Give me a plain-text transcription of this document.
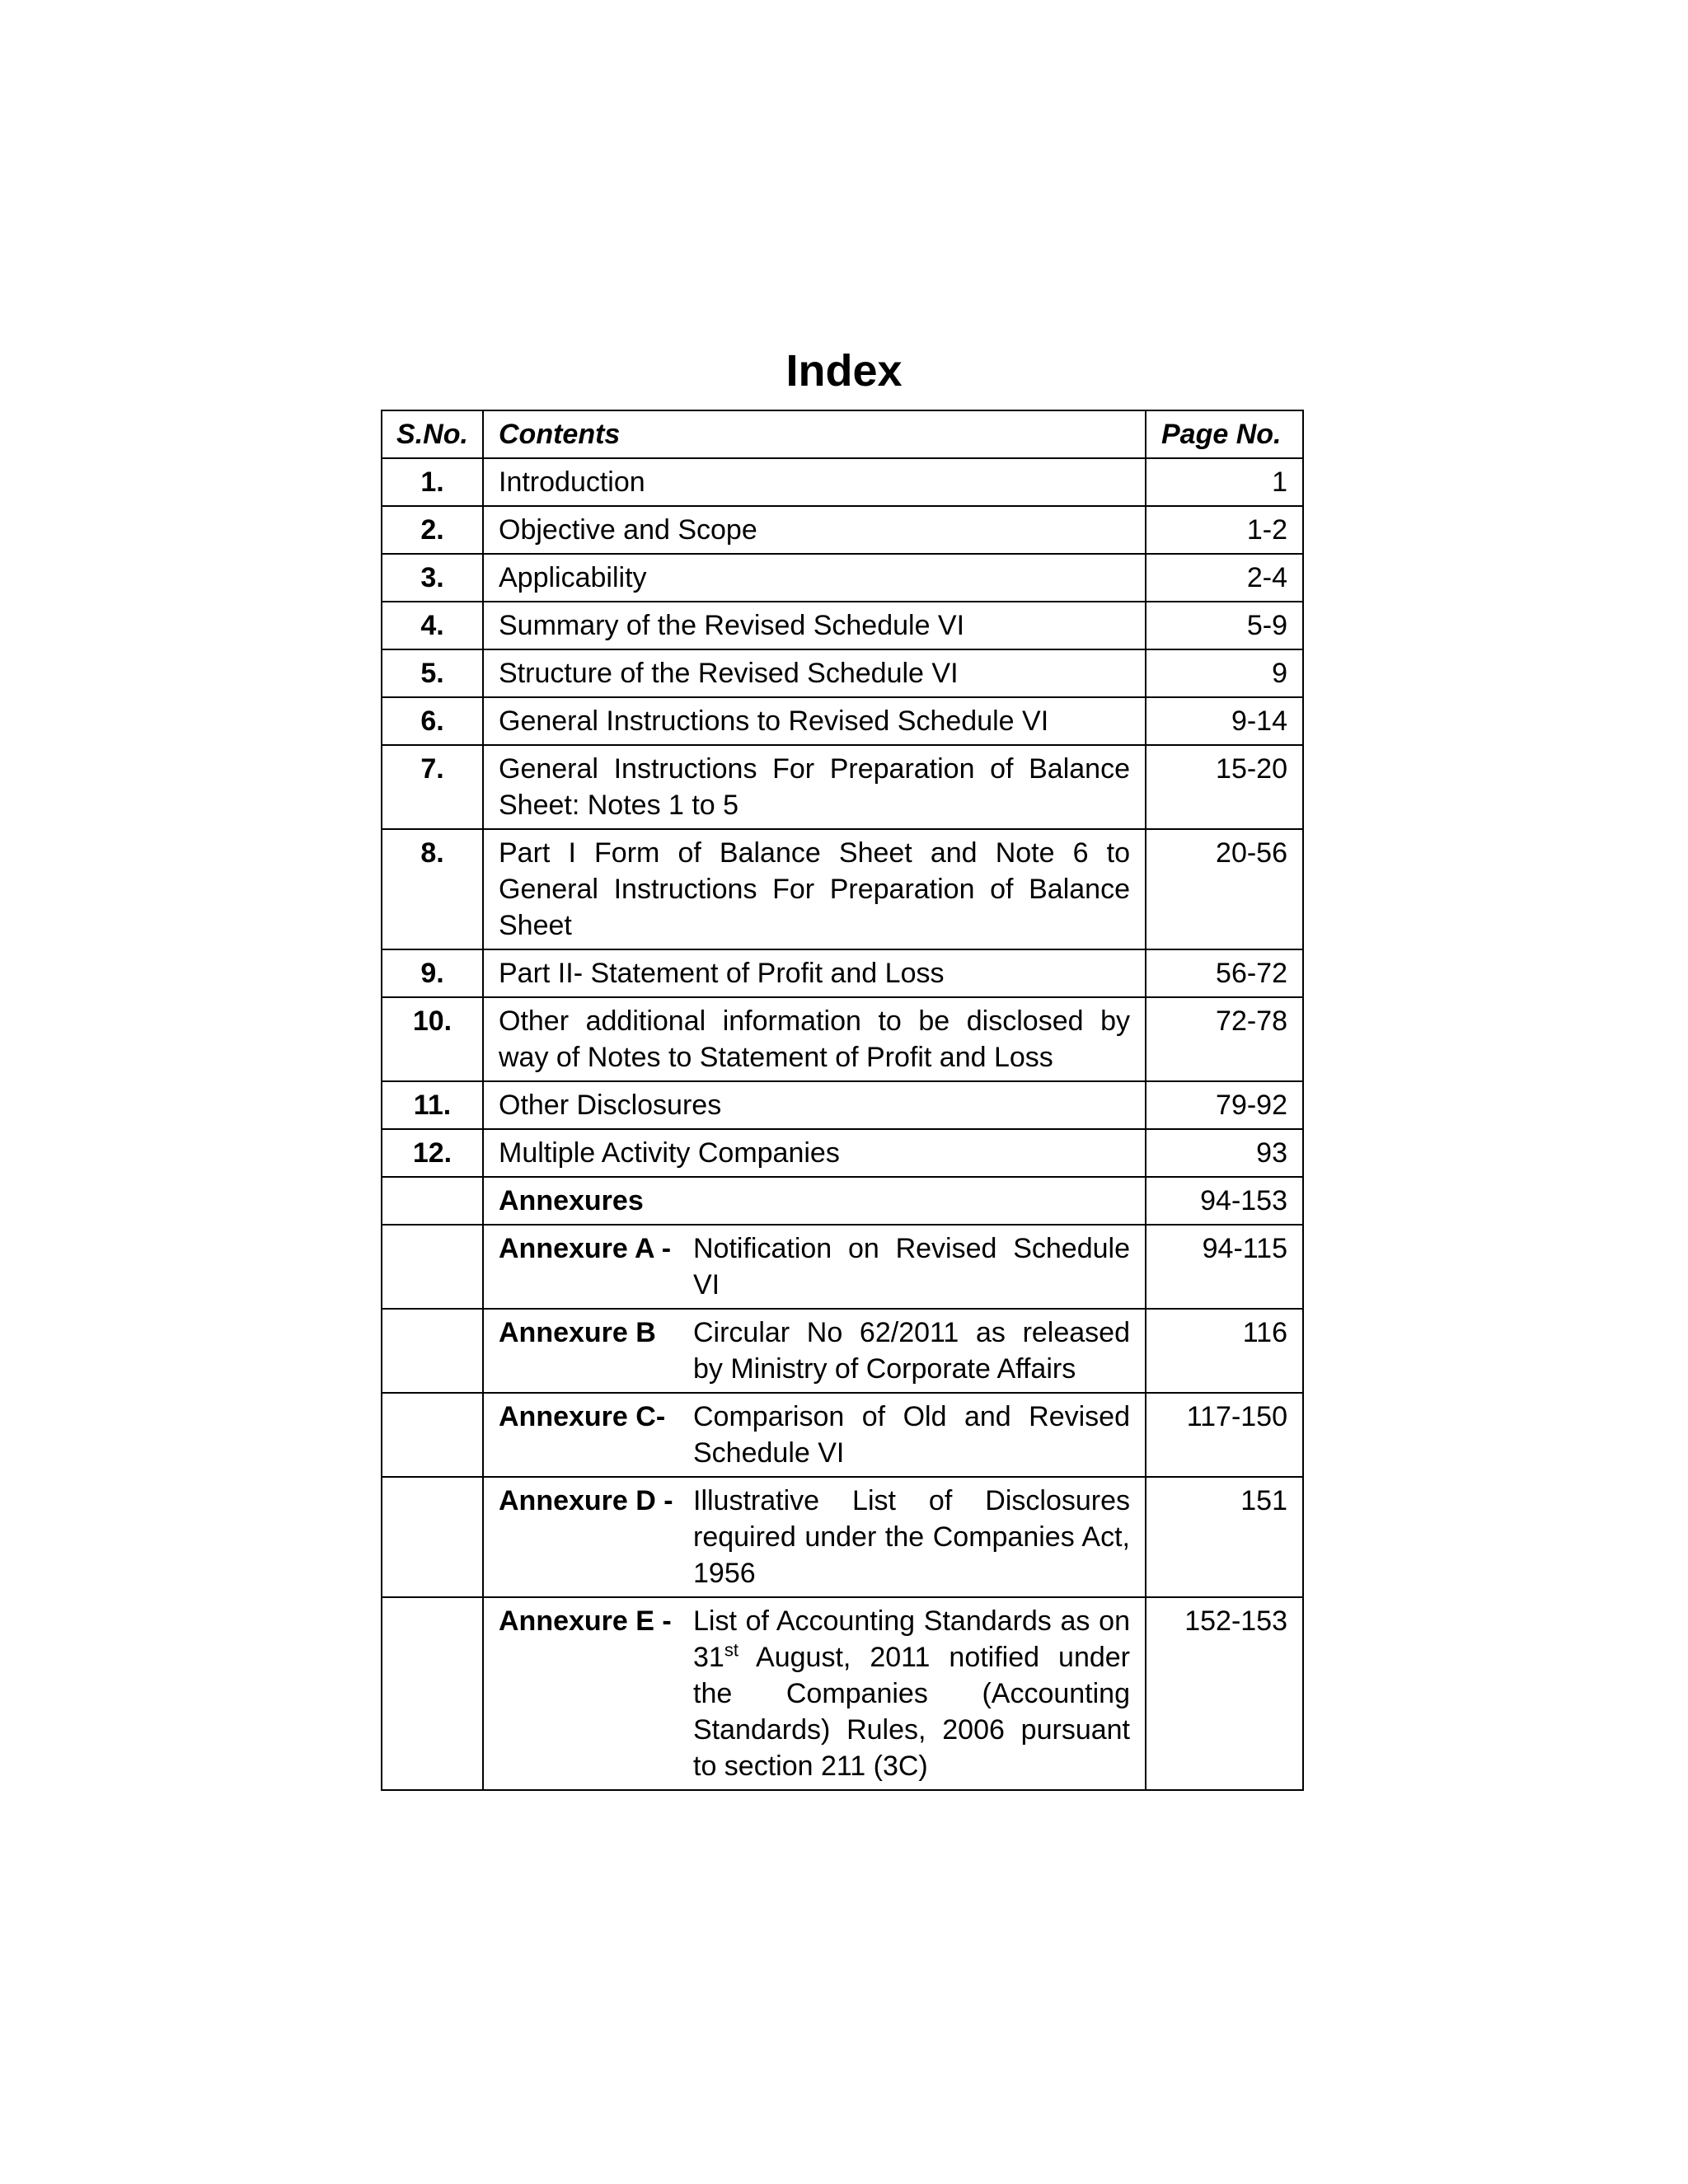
Index
S.No.	Contents	Page No.
1.	Introduction	1
2.	Objective and Scope	1-2
3.	Applicability	2-4
4.	Summary of the Revised Schedule VI	5-9
5.	Structure of the Revised Schedule VI	9
6.	General Instructions to Revised Schedule VI	9-14
7.	General Instructions For Preparation of Balance Sheet: Notes 1 to 5	15-20
8.	Part I Form of Balance Sheet and Note 6 to General Instructions For Preparation of Balance Sheet	20-56
9.	Part II- Statement of Profit and Loss	56-72
10.	Other additional information to be disclosed by way of Notes to Statement of Profit and Loss	72-78
11.	Other Disclosures	79-92
12.	Multiple Activity Companies	93
	Annexures	94-153

	Annexure A - Notification on Revised Schedule VI	94-115

	Annexure B Circular No 62/2011 as released by Ministry of Corporate Affairs	116

	Annexure C- Comparison of Old and Revised Schedule VI	117-150

	Annexure D - Illustrative List of Disclosures required under the Companies Act, 1956	151

	Annexure E - List of Accounting Standards as on 31st August, 2011 notified under the Companies (Accounting Standards) Rules, 2006 pursuant to section 211 (3C)	152-153
